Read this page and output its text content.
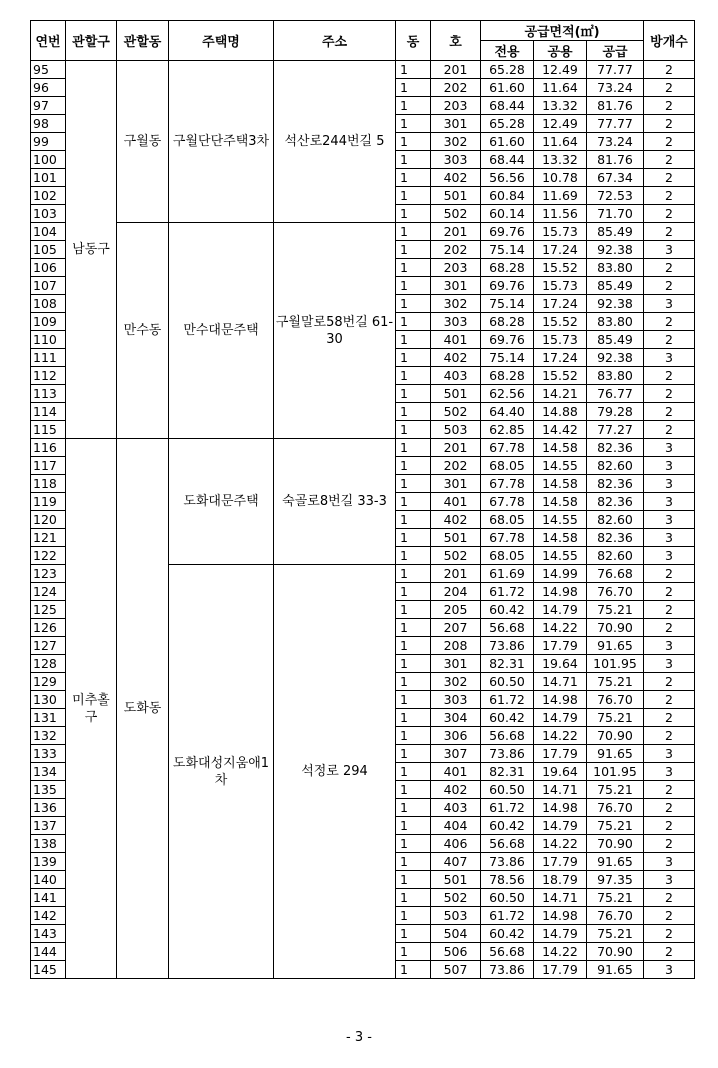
연번	관할구	관할동	주택명	주소	동	호	공급면적(㎡)			방개수
							전용	공용	공급	
95	남동구	구월동	구월단단주택3차	석산로244번길 5	1	201	65.28	12.49	77.77	2
96					1	202	61.60	11.64	73.24	2
97					1	203	68.44	13.32	81.76	2
98					1	301	65.28	12.49	77.77	2
99					1	302	61.60	11.64	73.24	2
100					1	303	68.44	13.32	81.76	2
101					1	402	56.56	10.78	67.34	2
102					1	501	60.84	11.69	72.53	2
103					1	502	60.14	11.56	71.70	2
104		만수동	만수대문주택	구월말로58번길 61-30	1	201	69.76	15.73	85.49	2
105					1	202	75.14	17.24	92.38	3
106					1	203	68.28	15.52	83.80	2
107					1	301	69.76	15.73	85.49	2
108					1	302	75.14	17.24	92.38	3
109					1	303	68.28	15.52	83.80	2
110					1	401	69.76	15.73	85.49	2
111					1	402	75.14	17.24	92.38	3
112					1	403	68.28	15.52	83.80	2
113					1	501	62.56	14.21	76.77	2
114					1	502	64.40	14.88	79.28	2
115					1	503	62.85	14.42	77.27	2
116	미추홀구	도화동	도화대문주택	숙골로8번길 33-3	1	201	67.78	14.58	82.36	3
117					1	202	68.05	14.55	82.60	3
118					1	301	67.78	14.58	82.36	3
119					1	401	67.78	14.58	82.36	3
120					1	402	68.05	14.55	82.60	3
121					1	501	67.78	14.58	82.36	3
122					1	502	68.05	14.55	82.60	3
123			도화대성지움애1차	석정로 294	1	201	61.69	14.99	76.68	2
124					1	204	61.72	14.98	76.70	2
125					1	205	60.42	14.79	75.21	2
126					1	207	56.68	14.22	70.90	2
127					1	208	73.86	17.79	91.65	3
128					1	301	82.31	19.64	101.95	3
129					1	302	60.50	14.71	75.21	2
130					1	303	61.72	14.98	76.70	2
131					1	304	60.42	14.79	75.21	2
132					1	306	56.68	14.22	70.90	2
133					1	307	73.86	17.79	91.65	3
134					1	401	82.31	19.64	101.95	3
135					1	402	60.50	14.71	75.21	2
136					1	403	61.72	14.98	76.70	2
137					1	404	60.42	14.79	75.21	2
138					1	406	56.68	14.22	70.90	2
139					1	407	73.86	17.79	91.65	3
140					1	501	78.56	18.79	97.35	3
141					1	502	60.50	14.71	75.21	2
142					1	503	61.72	14.98	76.70	2
143					1	504	60.42	14.79	75.21	2
144					1	506	56.68	14.22	70.90	2
145					1	507	73.86	17.79	91.65	3
- 3 -
